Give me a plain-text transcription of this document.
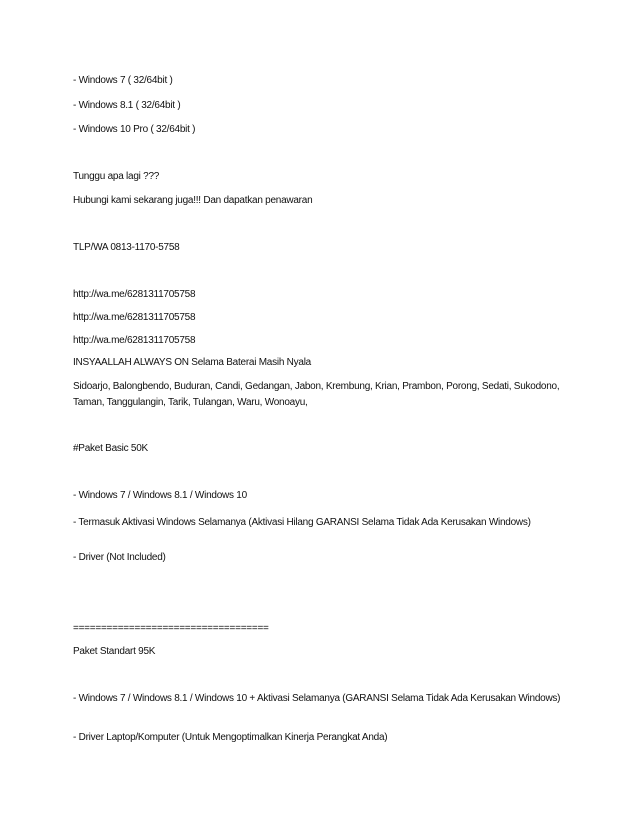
- Windows 7 ( 32/64bit )
- Windows 8.1 ( 32/64bit )
- Windows 10 Pro ( 32/64bit )
Tunggu apa lagi ???
Hubungi kami sekarang juga!!! Dan dapatkan penawaran
TLP/WA 0813-1170-5758
http://wa.me/6281311705758
http://wa.me/6281311705758
http://wa.me/6281311705758
INSYAALLAH ALWAYS ON Selama Baterai Masih Nyala
Sidoarjo, Balongbendo, Buduran, Candi, Gedangan, Jabon, Krembung, Krian, Prambon, Porong, Sedati, Sukodono, Taman, Tanggulangin, Tarik, Tulangan, Waru, Wonoayu,
#Paket Basic 50K
- Windows 7 / Windows 8.1 / Windows 10
- Termasuk Aktivasi Windows Selamanya (Aktivasi Hilang GARANSI Selama Tidak Ada Kerusakan Windows)
- Driver (Not Included)
===================================
Paket Standart 95K
- Windows 7 / Windows 8.1 / Windows 10 + Aktivasi Selamanya (GARANSI Selama Tidak Ada Kerusakan Windows)
- Driver Laptop/Komputer (Untuk Mengoptimalkan Kinerja Perangkat Anda)
